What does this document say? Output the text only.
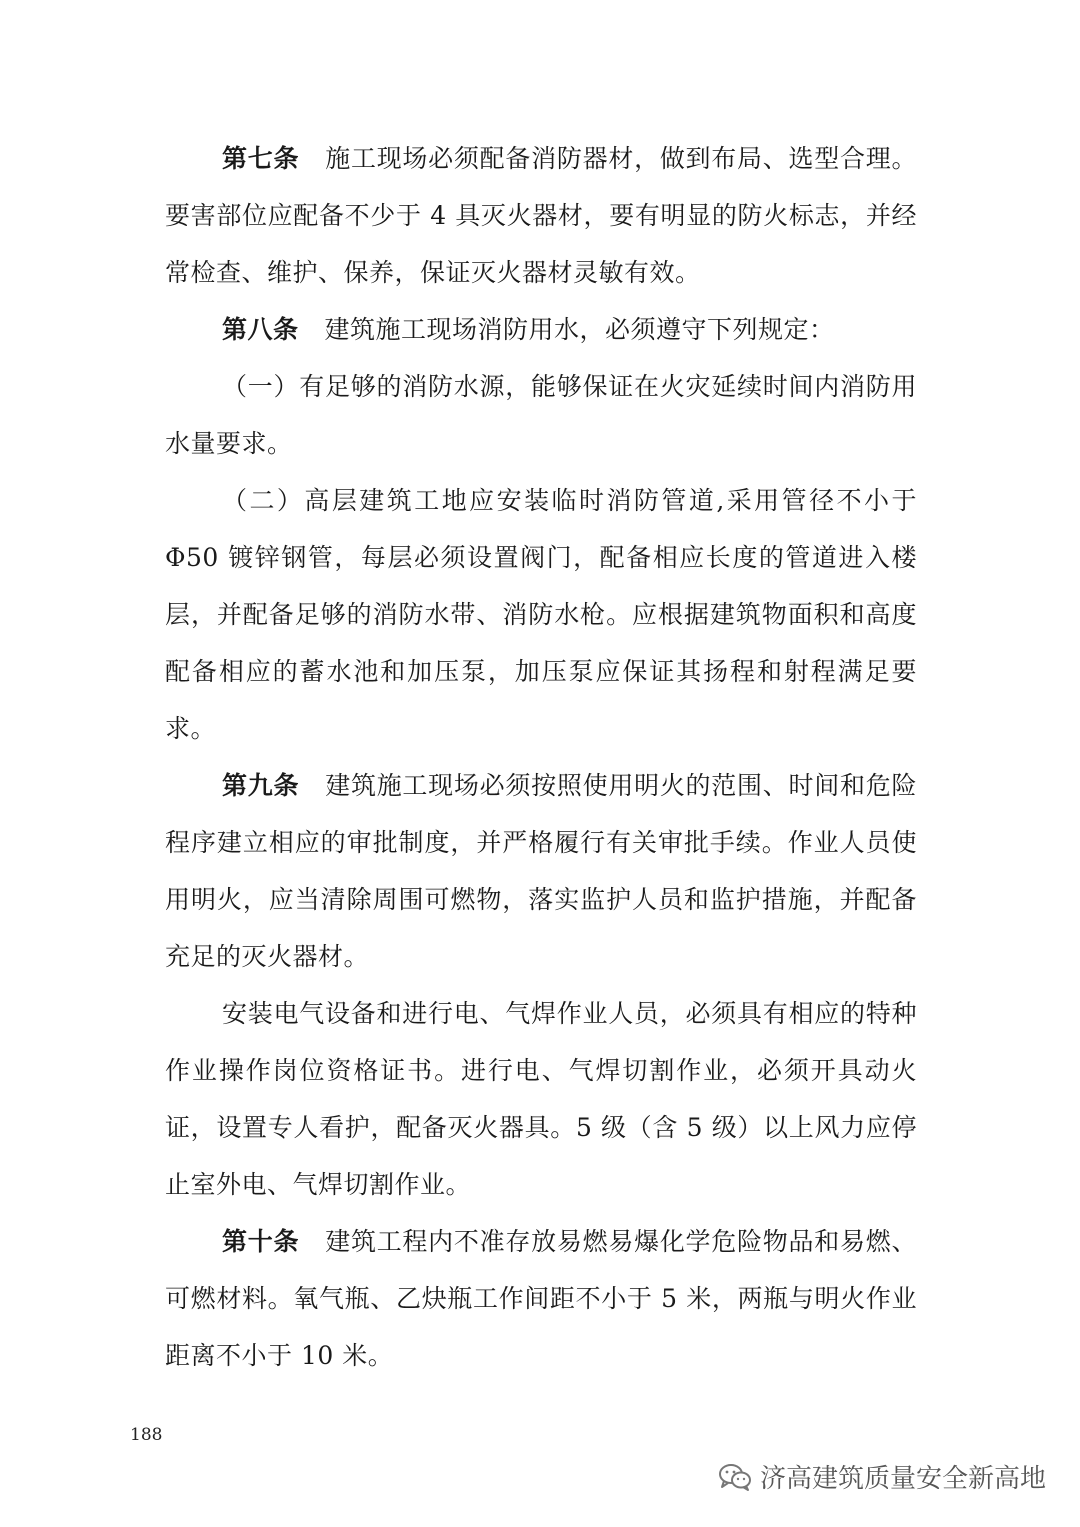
第七条 施工现场必须配备消防器材，做到布局、选型合理。要害部位应配备不少于 4 具灭火器材，要有明显的防火标志，并经常检查、维护、保养，保证灭火器材灵敏有效。

第八条 建筑施工现场消防用水，必须遵守下列规定：

（一）有足够的消防水源，能够保证在火灾延续时间内消防用水量要求。

（二）高层建筑工地应安装临时消防管道,采用管径不小于Φ50 镀锌钢管，每层必须设置阀门，配备相应长度的管道进入楼层，并配备足够的消防水带、消防水枪。应根据建筑物面积和高度配备相应的蓄水池和加压泵，加压泵应保证其扬程和射程满足要求。

第九条 建筑施工现场必须按照使用明火的范围、时间和危险程序建立相应的审批制度，并严格履行有关审批手续。作业人员使用明火，应当清除周围可燃物，落实监护人员和监护措施，并配备充足的灭火器材。

安装电气设备和进行电、气焊作业人员，必须具有相应的特种作业操作岗位资格证书。进行电、气焊切割作业，必须开具动火证，设置专人看护，配备灭火器具。5 级（含 5 级）以上风力应停止室外电、气焊切割作业。

第十条 建筑工程内不准存放易燃易爆化学危险物品和易燃、可燃材料。氧气瓶、乙炔瓶工作间距不小于 5 米，两瓶与明火作业距离不小于 10 米。

188
济高建筑质量安全新高地
